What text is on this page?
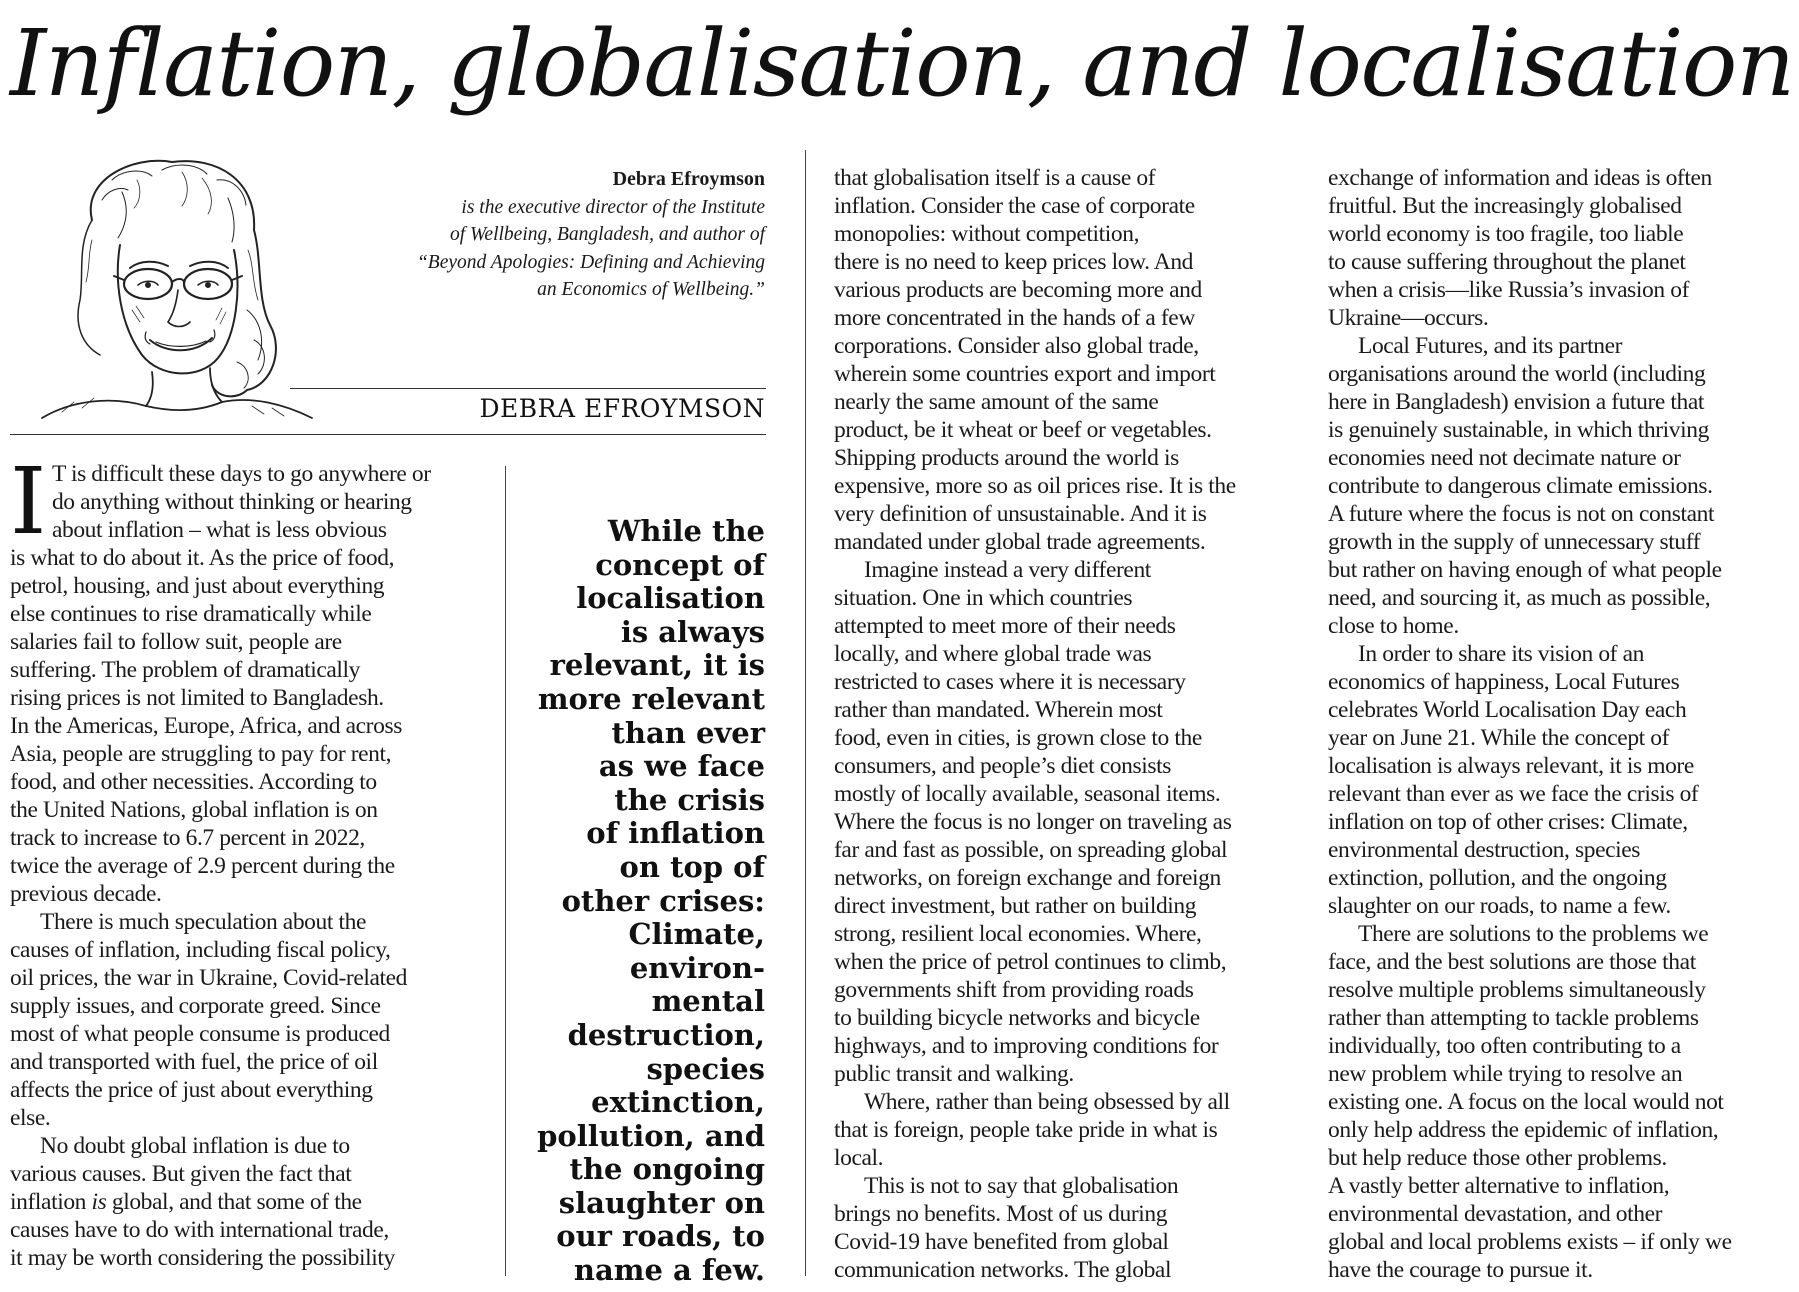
Inflation, globalisation, and localisation
Debra Efroymson
is the executive director of the Institute
of Wellbeing, Bangladesh, and author of
“Beyond Apologies: Defining and Achieving
an Economics of Wellbeing.”
DEBRA EFROYMSON

I T is difficult these days to go anywhere or
do anything without thinking or hearing
about inflation – what is less obvious
is what to do about it. As the price of food,
petrol, housing, and just about everything
else continues to rise dramatically while
salaries fail to follow suit, people are
suffering. The problem of dramatically
rising prices is not limited to Bangladesh.
In the Americas, Europe, Africa, and across
Asia, people are struggling to pay for rent,
food, and other necessities. According to
the United Nations, global inflation is on
track to increase to 6.7 percent in 2022,
twice the average of 2.9 percent during the
previous decade.

There is much speculation about the
causes of inflation, including fiscal policy,
oil prices, the war in Ukraine, Covid-related
supply issues, and corporate greed. Since
most of what people consume is produced
and transported with fuel, the price of oil
affects the price of just about everything
else.

No doubt global inflation is due to
various causes. But given the fact that
inflation is global, and that some of the
causes have to do with international trade,
it may be worth considering the possibility

While the
concept of
localisation
is always
relevant, it is
more relevant
than ever
as we face
the crisis
of inflation
on top of
other crises:
Climate,
environ-
mental
destruction,
species
extinction,
pollution, and
the ongoing
slaughter on
our roads, to
name a few.

that globalisation itself is a cause of
inflation. Consider the case of corporate
monopolies: without competition,
there is no need to keep prices low. And
various products are becoming more and
more concentrated in the hands of a few
corporations. Consider also global trade,
wherein some countries export and import
nearly the same amount of the same
product, be it wheat or beef or vegetables.
Shipping products around the world is
expensive, more so as oil prices rise. It is the
very definition of unsustainable. And it is
mandated under global trade agreements.

Imagine instead a very different
situation. One in which countries
attempted to meet more of their needs
locally, and where global trade was
restricted to cases where it is necessary
rather than mandated. Wherein most
food, even in cities, is grown close to the
consumers, and people’s diet consists
mostly of locally available, seasonal items.
Where the focus is no longer on traveling as
far and fast as possible, on spreading global
networks, on foreign exchange and foreign
direct investment, but rather on building
strong, resilient local economies. Where,
when the price of petrol continues to climb,
governments shift from providing roads
to building bicycle networks and bicycle
highways, and to improving conditions for
public transit and walking.

Where, rather than being obsessed by all
that is foreign, people take pride in what is
local.

This is not to say that globalisation
brings no benefits. Most of us during
Covid-19 have benefited from global
communication networks. The global

exchange of information and ideas is often
fruitful. But the increasingly globalised
world economy is too fragile, too liable
to cause suffering throughout the planet
when a crisis—like Russia’s invasion of
Ukraine—occurs.

Local Futures, and its partner
organisations around the world (including
here in Bangladesh) envision a future that
is genuinely sustainable, in which thriving
economies need not decimate nature or
contribute to dangerous climate emissions.
A future where the focus is not on constant
growth in the supply of unnecessary stuff
but rather on having enough of what people
need, and sourcing it, as much as possible,
close to home.

In order to share its vision of an
economics of happiness, Local Futures
celebrates World Localisation Day each
year on June 21. While the concept of
localisation is always relevant, it is more
relevant than ever as we face the crisis of
inflation on top of other crises: Climate,
environmental destruction, species
extinction, pollution, and the ongoing
slaughter on our roads, to name a few.

There are solutions to the problems we
face, and the best solutions are those that
resolve multiple problems simultaneously
rather than attempting to tackle problems
individually, too often contributing to a
new problem while trying to resolve an
existing one. A focus on the local would not
only help address the epidemic of inflation,
but help reduce those other problems.
A vastly better alternative to inflation,
environmental devastation, and other
global and local problems exists – if only we
have the courage to pursue it.
